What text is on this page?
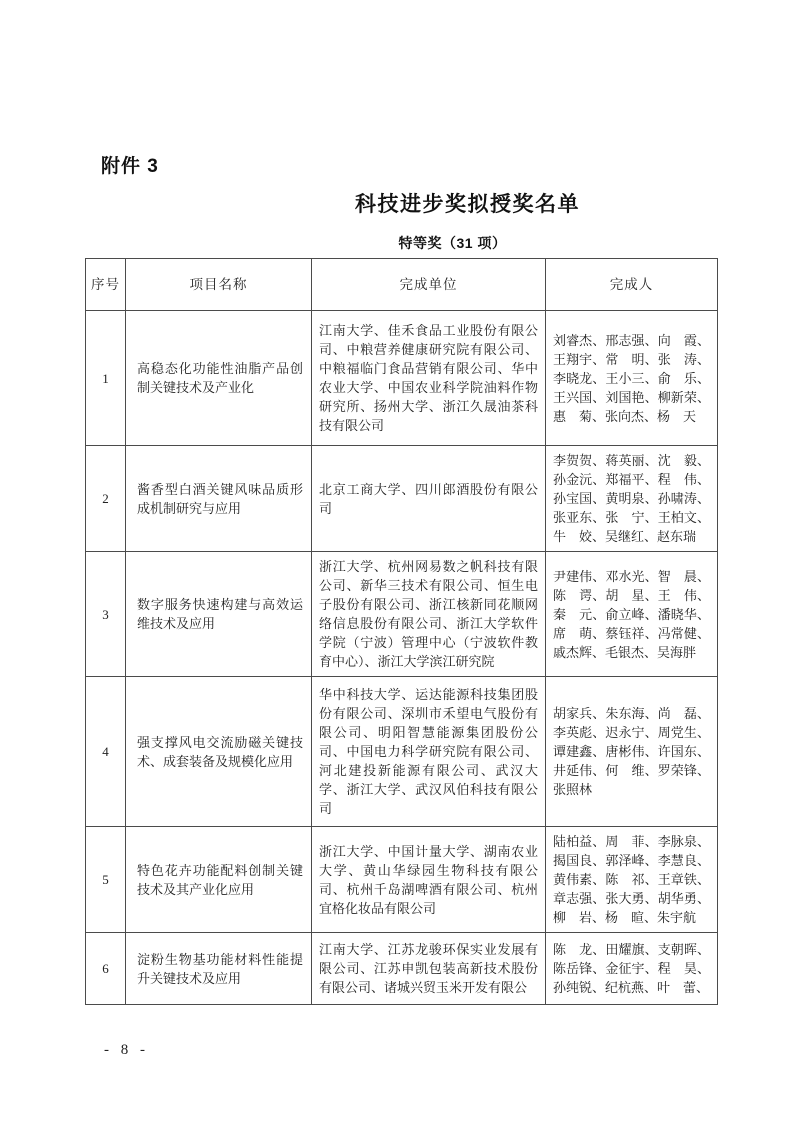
附件 3
科技进步奖拟授奖名单
特等奖（31 项）
序号	项目名称	完成单位	完成人
1	高稳态化功能性油脂产品创制关键技术及产业化	江南大学、佳禾食品工业股份有限公司、中粮营养健康研究院有限公司、中粮福临门食品营销有限公司、华中农业大学、中国农业科学院油料作物研究所、扬州大学、浙江久晟油茶科技有限公司	刘睿杰、邢志强、向　霞、王翔宇、常　明、张　涛、李晓龙、王小三、俞　乐、王兴国、刘国艳、柳新荣、惠　菊、张向杰、杨　天
2	酱香型白酒关键风味品质形成机制研究与应用	北京工商大学、四川郎酒股份有限公司	李贺贺、蒋英丽、沈　毅、孙金沅、郑福平、程　伟、孙宝国、黄明泉、孙啸涛、张亚东、张　宁、王柏文、牛　姣、吴继红、赵东瑞
3	数字服务快速构建与高效运维技术及应用	浙江大学、杭州网易数之帆科技有限公司、新华三技术有限公司、恒生电子股份有限公司、浙江核新同花顺网络信息股份有限公司、浙江大学软件学院（宁波）管理中心（宁波软件教育中心）、浙江大学滨江研究院	尹建伟、邓水光、智　晨、陈　谔、胡　星、王　伟、秦　元、俞立峰、潘晓华、席　萌、蔡钰祥、冯常健、戚杰辉、毛银杰、吴海胖
4	强支撑风电交流励磁关键技术、成套装备及规模化应用	华中科技大学、运达能源科技集团股份有限公司、深圳市禾望电气股份有限公司、明阳智慧能源集团股份公司、中国电力科学研究院有限公司、河北建投新能源有限公司、武汉大学、浙江大学、武汉风伯科技有限公司	胡家兵、朱东海、尚　磊、李英彪、迟永宁、周党生、谭建鑫、唐彬伟、许国东、井延伟、何　维、罗荣锋、张照林
5	特色花卉功能配料创制关键技术及其产业化应用	浙江大学、中国计量大学、湖南农业大学、黄山华绿园生物科技有限公司、杭州千岛湖啤酒有限公司、杭州宜格化妆品有限公司	陆柏益、周　菲、李脉泉、揭国良、郭泽峰、李慧良、黄伟素、陈　祁、王章铁、章志强、张大勇、胡华勇、柳　岩、杨　暄、朱宇航
6	淀粉生物基功能材料性能提升关键技术及应用	江南大学、江苏龙骏环保实业发展有限公司、江苏申凯包装高新技术股份有限公司、诸城兴贸玉米开发有限公	陈　龙、田耀旗、支朝晖、陈岳锋、金征宇、程　昊、孙纯锐、纪杭燕、叶　蕾、
- 8 -
